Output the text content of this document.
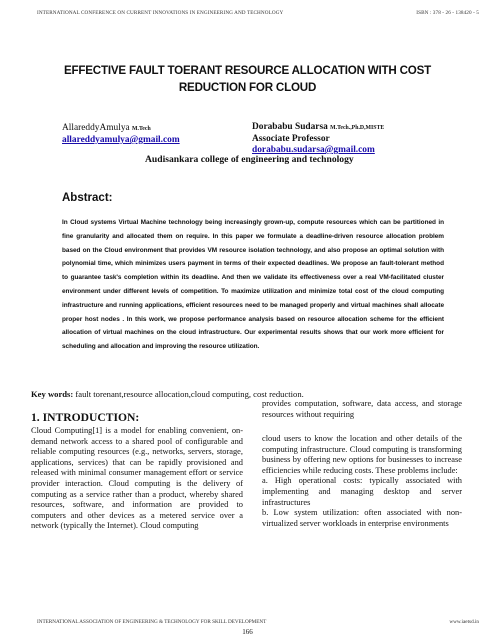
INTERNATIONAL CONFERENCE ON CURRENT INNOVATIONS IN ENGINEERING AND TECHNOLOGY	ISBN : 378 - 26 - 138420 - 5
EFFECTIVE FAULT TOERANT RESOURCE ALLOCATION WITH COST REDUCTION FOR CLOUD
AllareddyAmulya M.Tech
allareddyamulya@gmail.com
Dorababu Sudarsa M.Tech.,Ph.D,MISTE
Associate Professor
dorababu.sudarsa@gmail.com
Audisankara college of engineering and technology
Abstract:
In Cloud systems Virtual Machine technology being increasingly grown-up, compute resources which can be partitioned in fine granularity and allocated them on require. In this paper we formulate a deadline-driven resource allocation problem based on the Cloud environment that provides VM resource isolation technology, and also propose an optimal solution with polynomial time, which minimizes users payment in terms of their expected deadlines. We propose an fault-tolerant method to guarantee task's completion within its deadline. And then we validate its effectiveness over a real VM-facilitated cluster environment under different levels of competition. To maximize utilization and minimize total cost of the cloud computing infrastructure and running applications, efficient resources need to be managed properly and virtual machines shall allocate proper host nodes . In this work, we propose performance analysis based on resource allocation scheme for the efficient allocation of virtual machines on the cloud infrastructure. Our experimental results shows that our work more efficient for scheduling and allocation and improving the resource utilization.
Key words: fault torenant,resource allocation,cloud computing, cost reduction.
1. INTRODUCTION:
Cloud Computing[1] is a model for enabling convenient, on-demand network access to a shared pool of configurable and reliable computing resources (e.g., networks, servers, storage, applications, services) that can be rapidly provisioned and released with minimal consumer management effort or service provider interaction. Cloud computing is the delivery of computing as a service rather than a product, whereby shared resources, software, and information are provided to computers and other devices as a metered service over a network (typically the Internet). Cloud computing
provides computation, software, data access, and storage resources without requiring

cloud users to know the location and other details of the computing infrastructure. Cloud computing is transforming business by offering new options for businesses to increase efficiencies while reducing costs. These problems include:

a. High operational costs: typically associated with implementing and managing desktop and server infrastructures

b. Low system utilization: often associated with non-virtualized server workloads in enterprise environments

INTERNATIONAL ASSOCIATION OF ENGINEERING & TECHNOLOGY FOR SKILL DEVELOPMENT	www.iaetsd.in
166
